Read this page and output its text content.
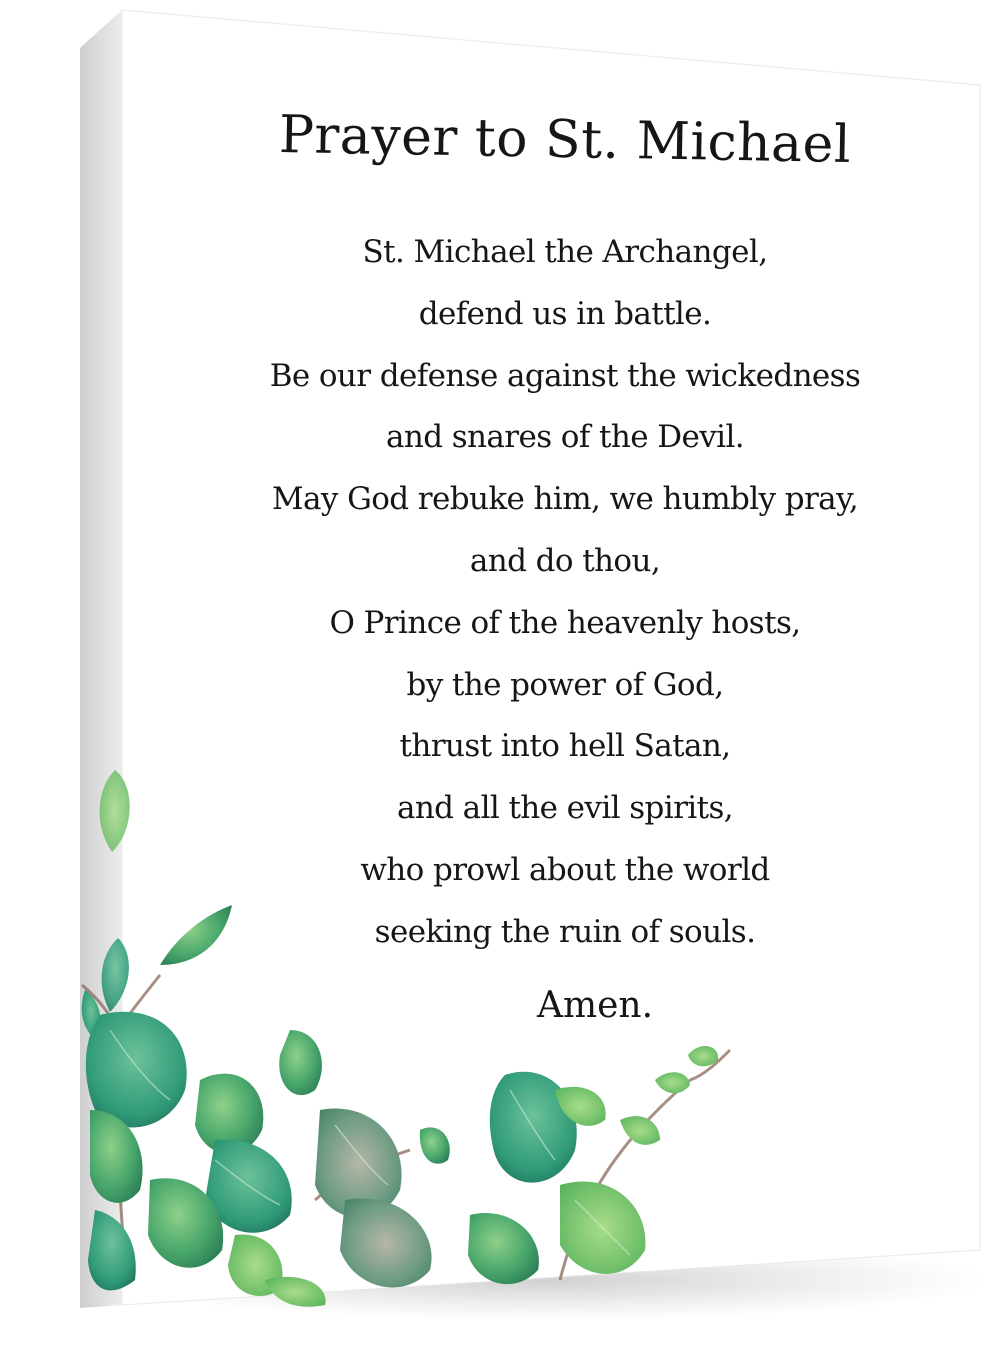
Prayer to St. Michael
St. Michael the Archangel,
defend us in battle.
Be our defense against the wickedness
and snares of the Devil.
May God rebuke him, we humbly pray,
and do thou,
O Prince of the heavenly hosts,
by the power of God,
thrust into hell Satan,
and all the evil spirits,
who prowl about the world
seeking the ruin of souls.
Amen.
